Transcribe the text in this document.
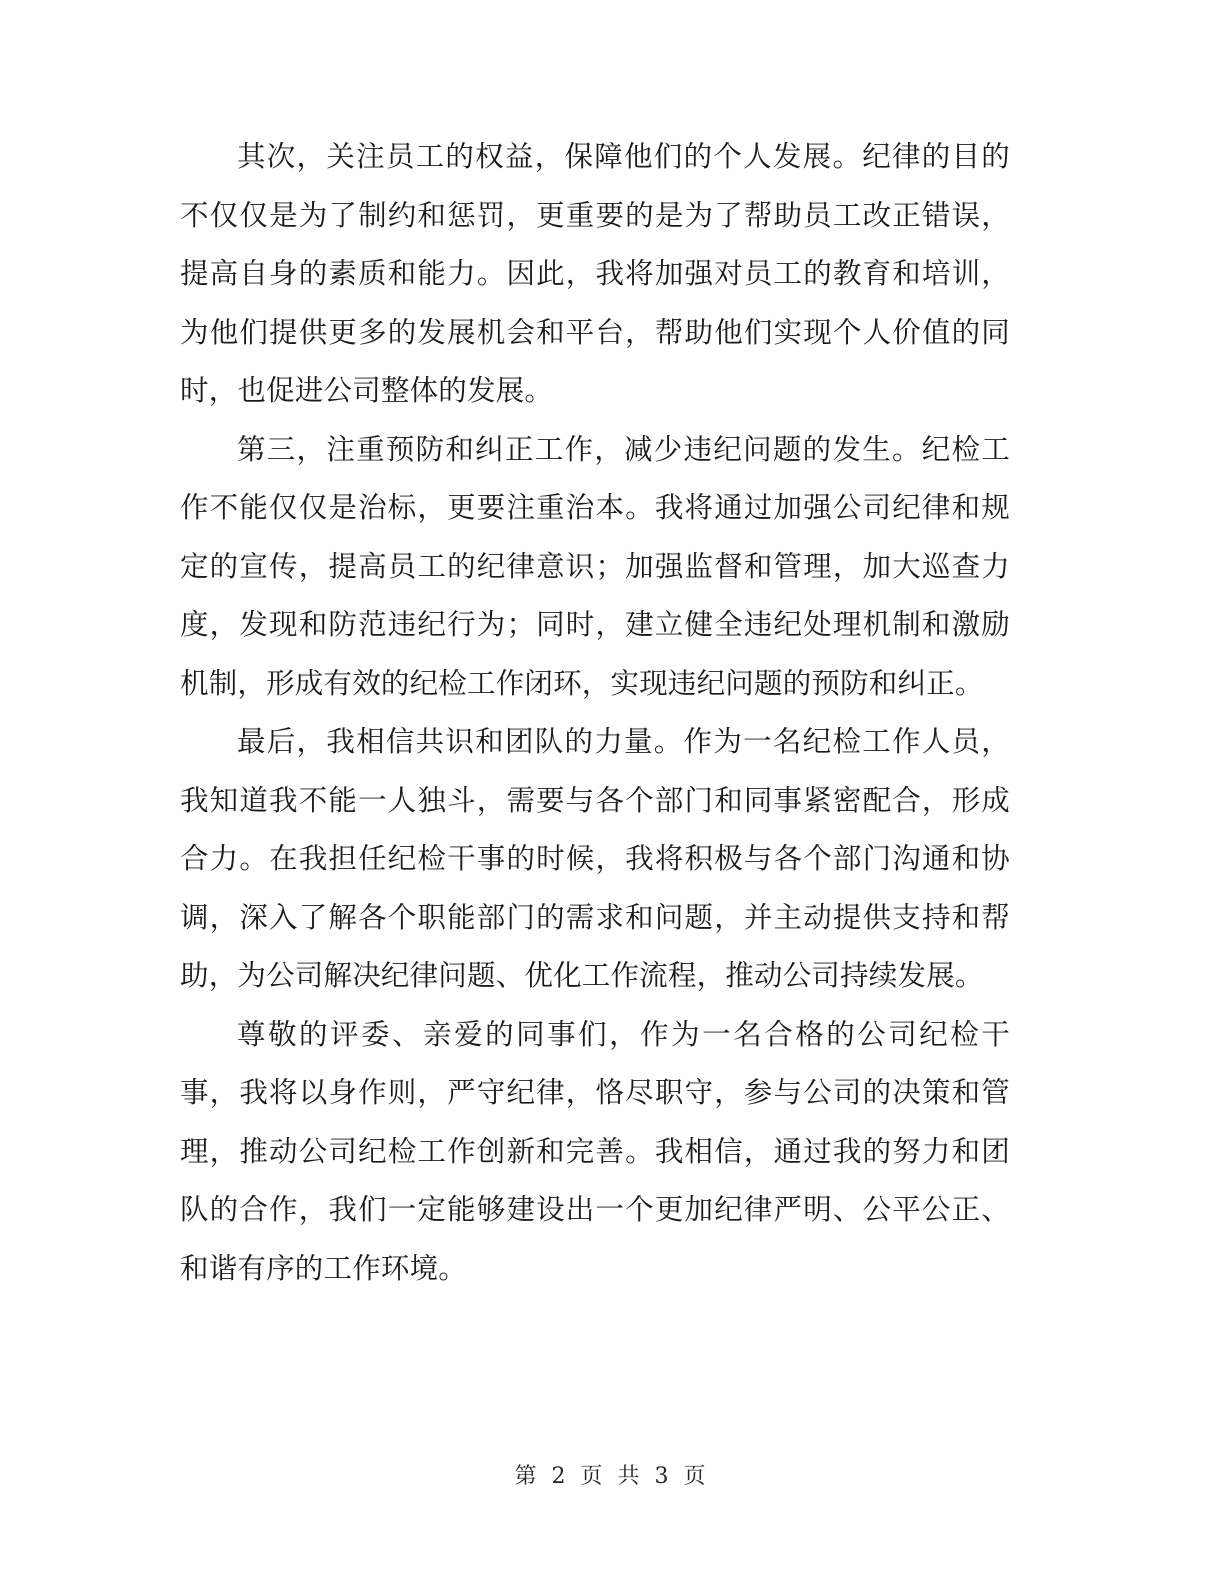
其次，关注员工的权益，保障他们的个人发展。纪律的目的不仅仅是为了制约和惩罚，更重要的是为了帮助员工改正错误，提高自身的素质和能力。因此，我将加强对员工的教育和培训，为他们提供更多的发展机会和平台，帮助他们实现个人价值的同时，也促进公司整体的发展。

第三，注重预防和纠正工作，减少违纪问题的发生。纪检工作不能仅仅是治标，更要注重治本。我将通过加强公司纪律和规定的宣传，提高员工的纪律意识；加强监督和管理，加大巡查力度，发现和防范违纪行为；同时，建立健全违纪处理机制和激励机制，形成有效的纪检工作闭环，实现违纪问题的预防和纠正。

最后，我相信共识和团队的力量。作为一名纪检工作人员，我知道我不能一人独斗，需要与各个部门和同事紧密配合，形成合力。在我担任纪检干事的时候，我将积极与各个部门沟通和协调，深入了解各个职能部门的需求和问题，并主动提供支持和帮助，为公司解决纪律问题、优化工作流程，推动公司持续发展。

尊敬的评委、亲爱的同事们，作为一名合格的公司纪检干事，我将以身作则，严守纪律，恪尽职守，参与公司的决策和管理，推动公司纪检工作创新和完善。我相信，通过我的努力和团队的合作，我们一定能够建设出一个更加纪律严明、公平公正、和谐有序的工作环境。

第 2 页 共 3 页
